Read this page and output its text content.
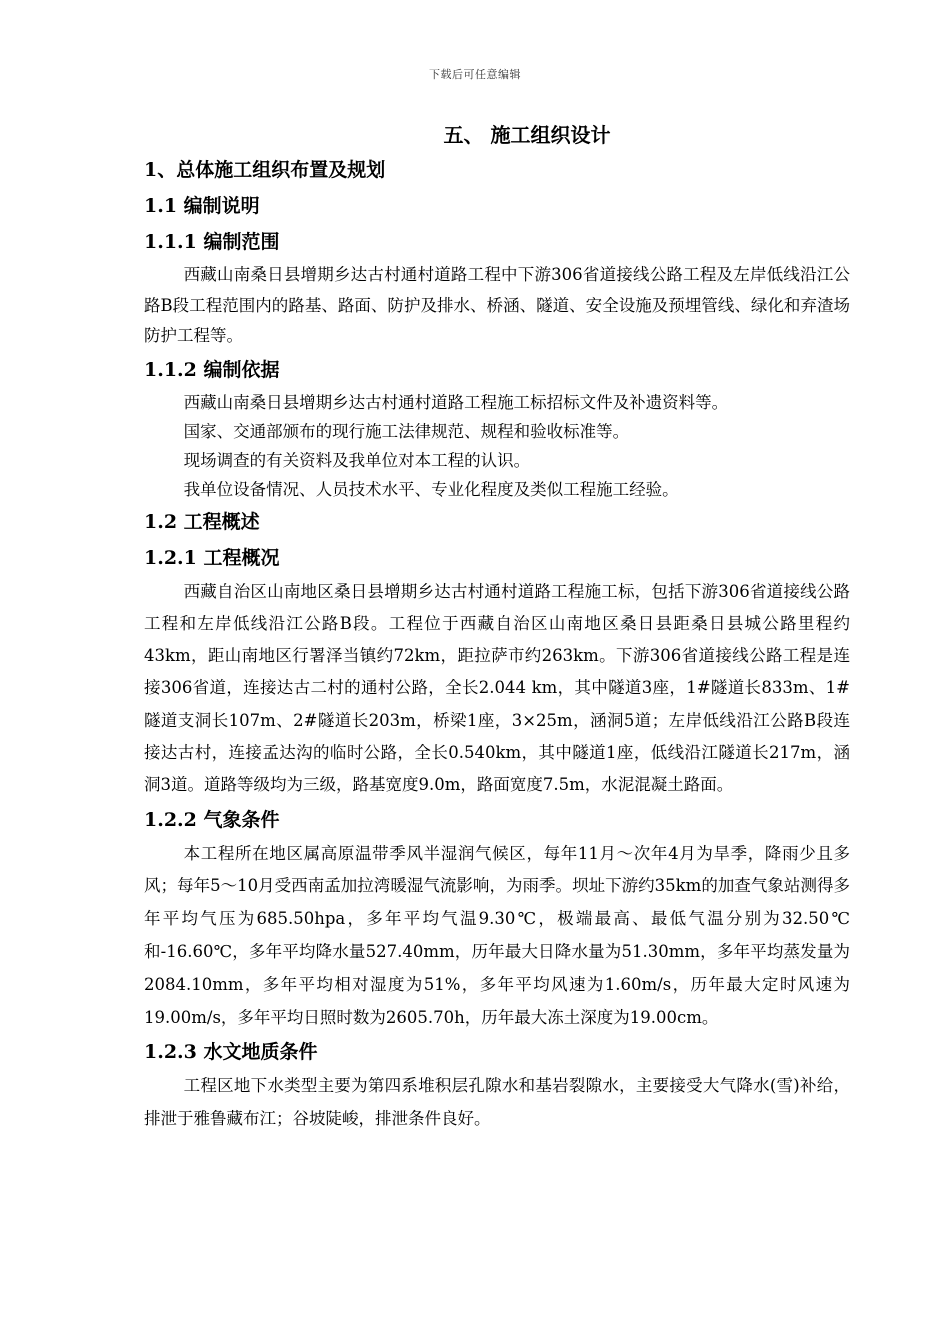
下载后可任意编辑
五、 施工组织设计
1、总体施工组织布置及规划
1.1 编制说明
1.1.1 编制范围

西藏山南桑日县增期乡达古村通村道路工程中下游306省道接线公路工程及左岸低线沿江公路B段工程范围内的路基、路面、防护及排水、桥涵、隧道、安全设施及预埋管线、绿化和弃渣场防护工程等。

1.1.2 编制依据

西藏山南桑日县增期乡达古村通村道路工程施工标招标文件及补遗资料等。

国家、交通部颁布的现行施工法律规范、规程和验收标准等。

现场调查的有关资料及我单位对本工程的认识。

我单位设备情况、人员技术水平、专业化程度及类似工程施工经验。

1.2 工程概述
1.2.1 工程概况

西藏自治区山南地区桑日县增期乡达古村通村道路工程施工标，包括下游306省道接线公路工程和左岸低线沿江公路B段。工程位于西藏自治区山南地区桑日县距桑日县城公路里程约43km，距山南地区行署泽当镇约72km，距拉萨市约263km。下游306省道接线公路工程是连接306省道，连接达古二村的通村公路，全长2.044 km，其中隧道3座，1#隧道长833m、1#隧道支洞长107m、2#隧道长203m，桥梁1座，3×25m，涵洞5道；左岸低线沿江公路B段连接达古村，连接孟达沟的临时公路，全长0.540km，其中隧道1座，低线沿江隧道长217m，涵洞3道。道路等级均为三级，路基宽度9.0m，路面宽度7.5m，水泥混凝土路面。

1.2.2 气象条件

本工程所在地区属高原温带季风半湿润气候区，每年11月～次年4月为旱季，降雨少且多风；每年5～10月受西南孟加拉湾暖湿气流影响，为雨季。坝址下游约35km的加查气象站测得多年平均气压为685.50hpa，多年平均气温9.30℃，极端最高、最低气温分别为32.50℃和-16.60℃，多年平均降水量527.40mm，历年最大日降水量为51.30mm，多年平均蒸发量为2084.10mm，多年平均相对湿度为51%，多年平均风速为1.60m/s，历年最大定时风速为19.00m/s，多年平均日照时数为2605.70h，历年最大冻土深度为19.00cm。

1.2.3 水文地质条件

工程区地下水类型主要为第四系堆积层孔隙水和基岩裂隙水，主要接受大气降水(雪)补给，排泄于雅鲁藏布江；谷坡陡峻，排泄条件良好。
